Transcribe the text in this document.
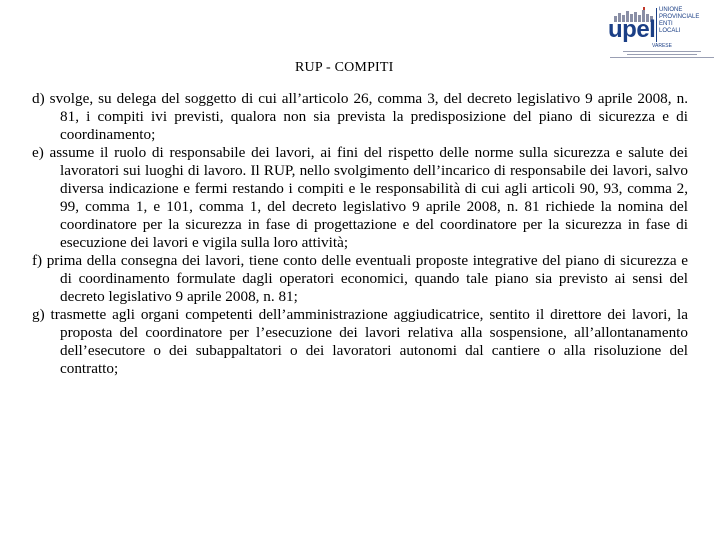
upel
UNIONE
PROVINCIALE
ENTI
LOCALI
VARESE
RUP - COMPITI

d) svolge, su delega del soggetto di cui all’articolo 26, comma 3, del decreto legislativo 9 aprile 2008, n. 81, i compiti ivi previsti, qualora non sia prevista la predisposizione del piano di sicurezza e di coordinamento;

e) assume il ruolo di responsabile dei lavori, ai fini del rispetto delle norme sulla sicurezza e salute dei lavoratori sui luoghi di lavoro. Il RUP, nello svolgimento dell’incarico di responsabile dei lavori, salvo diversa indicazione e fermi restando i compiti e le responsabilità di cui agli articoli 90, 93, comma 2, 99, comma 1, e 101, comma 1, del decreto legislativo 9 aprile 2008, n. 81 richiede la nomina del coordinatore per la sicurezza in fase di progettazione e del coordinatore per la sicurezza in fase di esecuzione dei lavori e vigila sulla loro attività;

f) prima della consegna dei lavori, tiene conto delle eventuali proposte integrative del piano di sicurezza e di coordinamento formulate dagli operatori economici, quando tale piano sia previsto ai sensi del decreto legislativo 9 aprile 2008, n. 81;

g) trasmette agli organi competenti dell’amministrazione aggiudicatrice, sentito il direttore dei lavori, la proposta del coordinatore per l’esecuzione dei lavori relativa alla sospensione, all’allontanamento dell’esecutore o dei subappaltatori o dei lavoratori autonomi dal cantiere o alla risoluzione del contratto;
